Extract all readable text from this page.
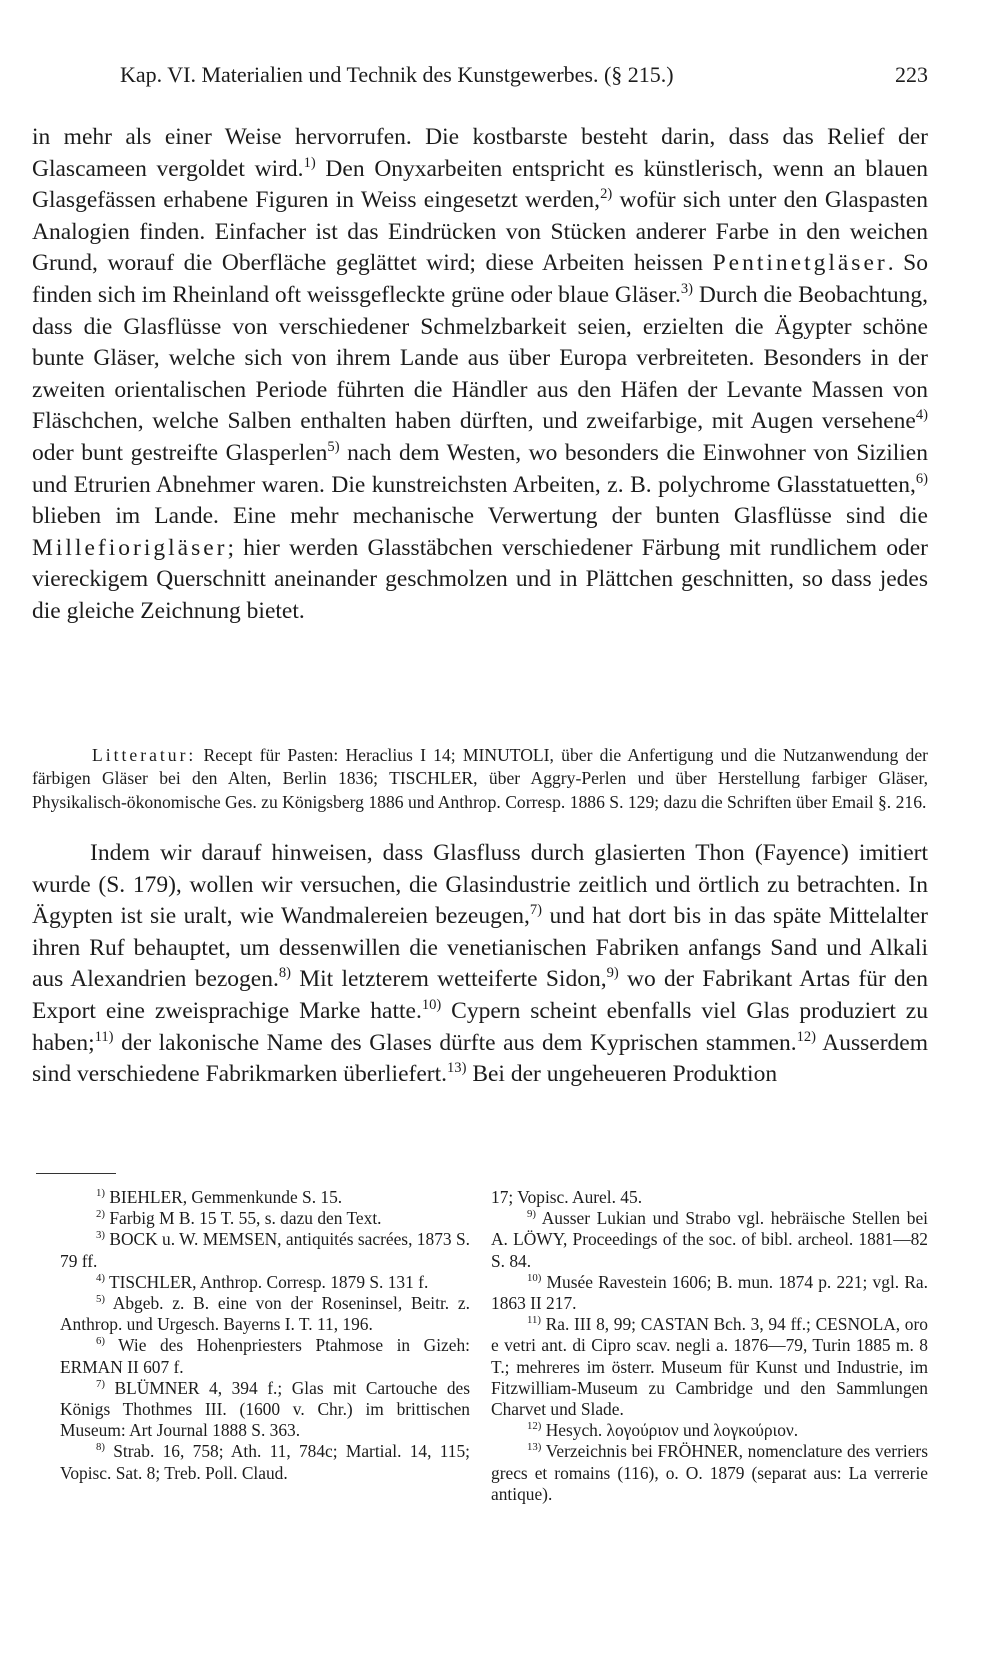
Kap. VI. Materialien und Technik des Kunstgewerbes. (§ 215.)	223

in mehr als einer Weise hervorrufen. Die kostbarste besteht darin, dass das Relief der Glascameen vergoldet wird.$^{1)}$ Den Onyxarbeiten entspricht es künstlerisch, wenn an blauen Glasgefässen erhabene Figuren in Weiss eingesetzt werden,$^{2)}$ wofür sich unter den Glaspasten Analogien finden. Einfacher ist das Eindrücken von Stücken anderer Farbe in den weichen Grund, worauf die Oberfläche geglättet wird; diese Arbeiten heissen Pentinetgläser. So finden sich im Rheinland oft weissgefleckte grüne oder blaue Gläser.$^{3)}$ Durch die Beobachtung, dass die Glasflüsse von verschiedener Schmelzbarkeit seien, erzielten die Ägypter schöne bunte Gläser, welche sich von ihrem Lande aus über Europa verbreiteten. Besonders in der zweiten orientalischen Periode führten die Händler aus den Häfen der Levante Massen von Fläschchen, welche Salben enthalten haben dürften, und zweifarbige, mit Augen versehene$^{4)}$ oder bunt gestreifte Glasperlen$^{5)}$ nach dem Westen, wo besonders die Einwohner von Sizilien und Etrurien Abnehmer waren. Die kunstreichsten Arbeiten, z. B. polychrome Glasstatuetten,$^{6)}$ blieben im Lande. Eine mehr mechanische Verwertung der bunten Glasflüsse sind die Millefiorigläser; hier werden Glasstäbchen verschiedener Färbung mit rundlichem oder viereckigem Querschnitt aneinander geschmolzen und in Plättchen geschnitten, so dass jedes die gleiche Zeichnung bietet.

Litteratur: Recept für Pasten: Heraclius I 14; MINUTOLI, über die Anfertigung und die Nutzanwendung der färbigen Gläser bei den Alten, Berlin 1836; TISCHLER, über Aggry-Perlen und über Herstellung farbiger Gläser, Physikalisch-ökonomische Ges. zu Königsberg 1886 und Anthrop. Corresp. 1886 S. 129; dazu die Schriften über Email §. 216.

Indem wir darauf hinweisen, dass Glasfluss durch glasierten Thon (Fayence) imitiert wurde (S. 179), wollen wir versuchen, die Glasindustrie zeitlich und örtlich zu betrachten. In Ägypten ist sie uralt, wie Wandmalereien bezeugen,$^{7)}$ und hat dort bis in das späte Mittelalter ihren Ruf behauptet, um dessenwillen die venetianischen Fabriken anfangs Sand und Alkali aus Alexandrien bezogen.$^{8)}$ Mit letzterem wetteiferte Sidon,$^{9)}$ wo der Fabrikant Artas für den Export eine zweisprachige Marke hatte.$^{10)}$ Cypern scheint ebenfalls viel Glas produziert zu haben;$^{11)}$ der lakonische Name des Glases dürfte aus dem Kyprischen stammen.$^{12)}$ Ausserdem sind verschiedene Fabrikmarken überliefert.$^{13)}$ Bei der ungeheueren Produktion

$^{1)}$ BIEHLER, Gemmenkunde S. 15.

$^{2)}$ Farbig M B. 15 T. 55, s. dazu den Text.

$^{3)}$ BOCK u. W. MEMSEN, antiquités sacrées, 1873 S. 79 ff.

$^{4)}$ TISCHLER, Anthrop. Corresp. 1879 S. 131 f.

$^{5)}$ Abgeb. z. B. eine von der Roseninsel, Beitr. z. Anthrop. und Urgesch. Bayerns I. T. 11, 196.

$^{6)}$ Wie des Hohenpriesters Ptahmose in Gizeh: ERMAN II 607 f.

$^{7)}$ BLÜMNER 4, 394 f.; Glas mit Cartouche des Königs Thothmes III. (1600 v. Chr.) im brittischen Museum: Art Journal 1888 S. 363.

$^{8)}$ Strab. 16, 758; Ath. 11, 784c; Martial. 14, 115; Vopisc. Sat. 8; Treb. Poll. Claud.

17; Vopisc. Aurel. 45.

$^{9)}$ Ausser Lukian und Strabo vgl. hebräische Stellen bei A. LÖWY, Proceedings of the soc. of bibl. archeol. 1881—82 S. 84.

$^{10)}$ Musée Ravestein 1606; B. mun. 1874 p. 221; vgl. Ra. 1863 II 217.

$^{11)}$ Ra. III 8, 99; CASTAN Bch. 3, 94 ff.; CESNOLA, oro e vetri ant. di Cipro scav. negli a. 1876—79, Turin 1885 m. 8 T.; mehreres im österr. Museum für Kunst und Industrie, im Fitzwilliam-Museum zu Cambridge und den Sammlungen Charvet und Slade.

$^{12)}$ Hesych. λογούριον und λογκούριον.

$^{13)}$ Verzeichnis bei FRÖHNER, nomenclature des verriers grecs et romains (116), o. O. 1879 (separat aus: La verrerie antique).
